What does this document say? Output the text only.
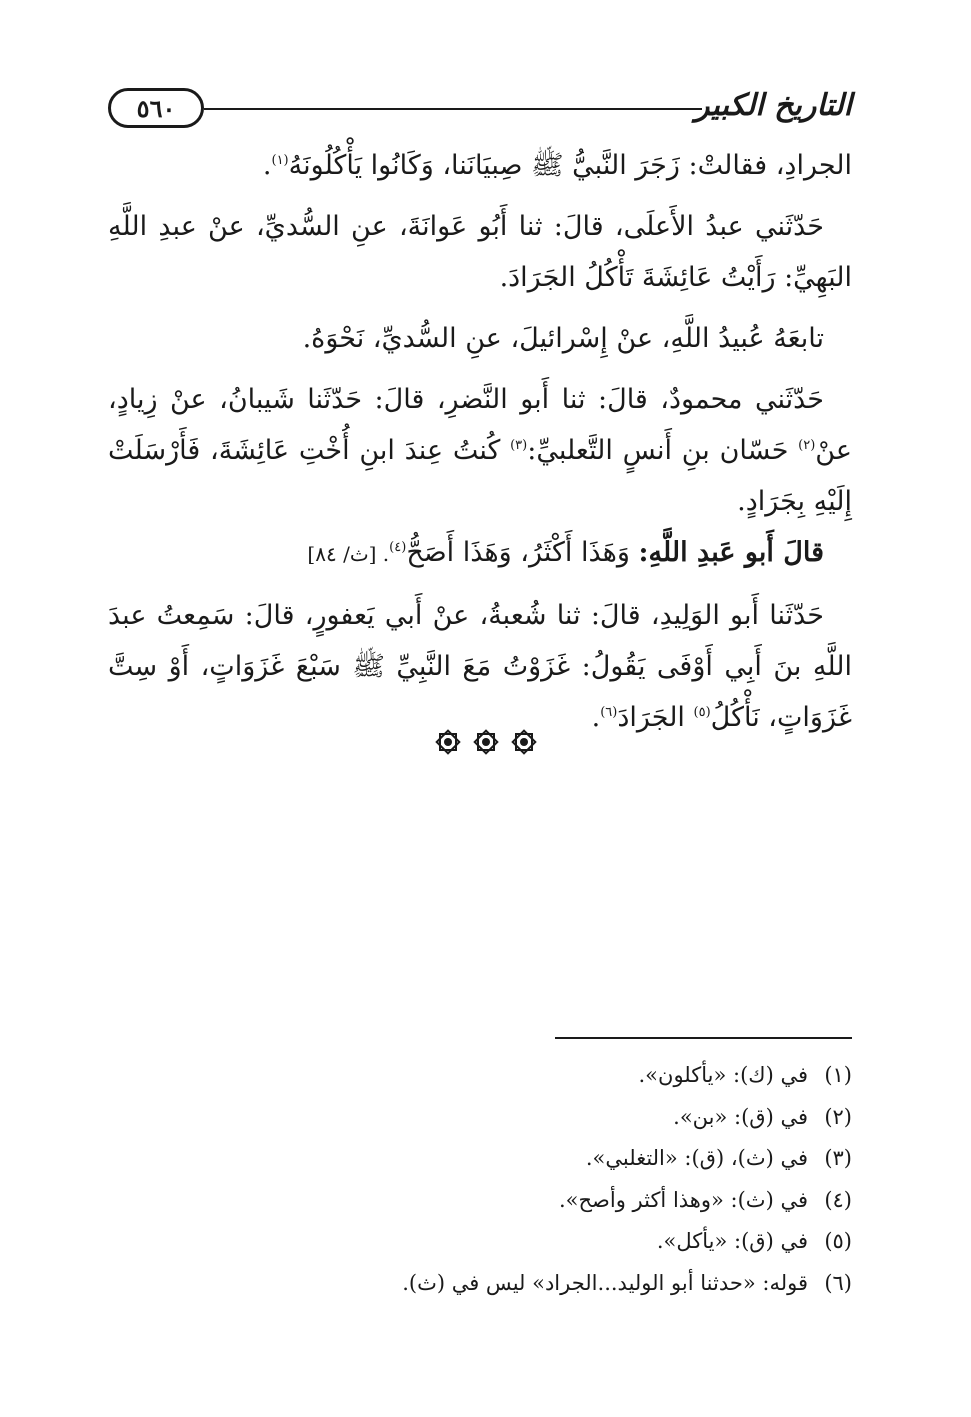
٥٦٠	التاريخ الكبير

الجرادِ، فقالتْ: زَجَرَ النَّبيُّ ﷺ صِبيَانَنا، وَكَانُوا يَأْكُلُونَهُ$^{(١)}$.

حَدّثَني عبدُ الأَعلَى، قالَ: ثنا أَبُو عَوانَةَ، عنِ السُّديِّ، عنْ عبدِ اللَّهِ البَهِيِّ: رَأَيْتُ عَائِشَةَ تَأْكُلُ الجَرَادَ.

تابعَهُ عُبيدُ اللَّهِ، عنْ إِسْرائيلَ، عنِ السُّديِّ، نَحْوَهُ.

حَدّثَني محمودٌ، قالَ: ثنا أَبو النَّضرِ، قالَ: حَدّثَنا شَيبانُ، عنْ زِيادٍ، عنْ$^{(٢)}$ حَسّان بنِ أَنسٍ التَّعلبيِّ:$^{(٣)}$ كُنتُ عِندَ ابنِ أُخْتِ عَائِشَةَ، فَأَرْسَلَتْ إِلَيْهِ بِجَرَادٍ.

قالَ أَبو عَبدِ اللَّهِ: وَهَذَا أَكْثَرُ، وَهَذَا أَصَحُّ$^{(٤)}$. [ث/ ٨٤]

حَدّثَنا أَبو الوَلِيدِ، قالَ: ثنا شُعبةُ، عنْ أَبي يَعفورٍ، قالَ: سَمِعتُ عبدَ اللَّهِ بنَ أَبِي أَوْفَى يَقُولُ: غَزَوْتُ مَعَ النَّبِيِّ ﷺ سَبْعَ غَزَوَاتٍ، أَوْ سِتَّ غَزَوَاتٍ، نَأْكُلُ$^{(٥)}$ الجَرَادَ$^{(٦)}$.

(١)
في (ك): «يأكلون».
(٢)
في (ق): «بن».
(٣)
في (ث)، (ق): «التغلبي».
(٤)
في (ث): «وهذا أكثر وأصح».
(٥)
في (ق): «يأكل».
(٦)
قوله: «حدثنا أبو الوليد...الجراد» ليس في (ث).
